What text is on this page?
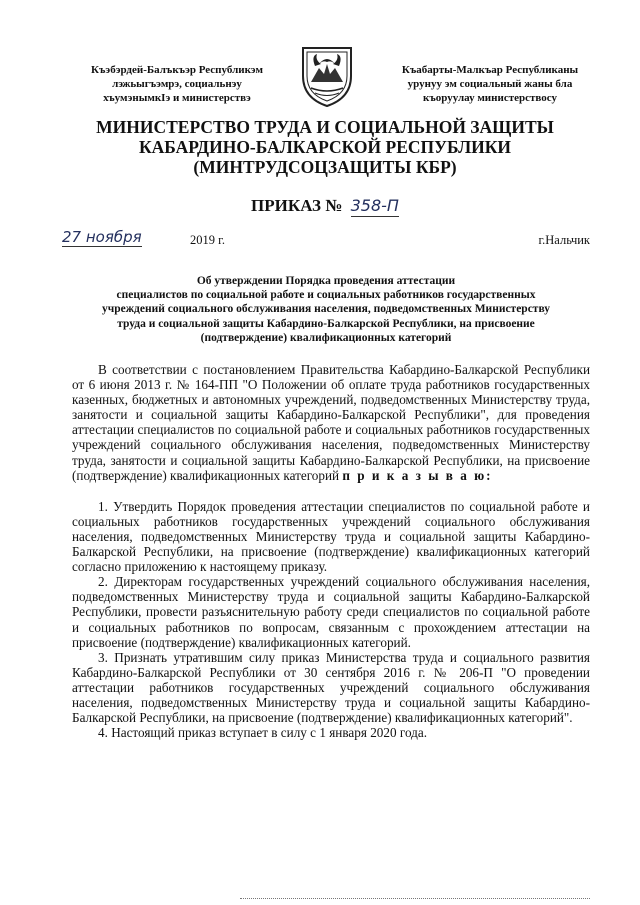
Къэбэрдей-Балъкъэр Республикэм
лэжьыгъэмрэ, социальнэу
хъумэнымкIэ и министерствэ
Къабарты-Малкъар Республиканы
урунуу эм социальный жаны бла
къоруулау министерствосу
МИНИСТЕРСТВО ТРУДА И СОЦИАЛЬНОЙ ЗАЩИТЫ
КАБАРДИНО-БАЛКАРСКОЙ РЕСПУБЛИКИ
(МИНТРУДСОЦЗАЩИТЫ КБР)
ПРИКАЗ № 358-П
27 ноября	2019 г.	г.Нальчик
Об утверждении Порядка проведения аттестации
специалистов по социальной работе и социальных работников государственных
учреждений социального обслуживания населения, подведомственных Министерству
труда и социальной защиты Кабардино-Балкарской Республики, на присвоение
(подтверждение) квалификационных категорий

В соответствии с постановлением Правительства Кабардино-Балкарской Республики от 6 июня 2013 г. № 164-ПП "О Положении об оплате труда работников государственных казенных, бюджетных и автономных учреждений, подведомственных Министерству труда, занятости и социальной защиты Кабардино-Балкарской Республики", для проведения аттестации специалистов по социальной работе и социальных работников государственных учреждений социального обслуживания населения, подведомственных Министерству труда, занятости и социальной защиты Кабардино-Балкарской Республики, на присвоение (подтверждение) квалификационных категорий п р и к а з ы в а ю:

1. Утвердить Порядок проведения аттестации специалистов по социальной работе и социальных работников государственных учреждений социального обслуживания населения, подведомственных Министерству труда и социальной защиты Кабардино-Балкарской Республики, на присвоение (подтверждение) квалификационных категорий согласно приложению к настоящему приказу.

2. Директорам государственных учреждений социального обслуживания населения, подведомственных Министерству труда и социальной защиты Кабардино-Балкарской Республики, провести разъяснительную работу среди специалистов по социальной работе и социальных работников по вопросам, связанным с прохождением аттестации на присвоение (подтверждение) квалификационных категорий.

3. Признать утратившим силу приказ Министерства труда и социального развития Кабардино-Балкарской Республики от 30 сентября 2016 г. № 206-П "О проведении аттестации работников государственных учреждений социального обслуживания населения, подведомственных Министерству труда и социальной защиты Кабардино-Балкарской Республики, на присвоение (подтверждение) квалификационных категорий".

4. Настоящий приказ вступает в силу с 1 января 2020 года.
